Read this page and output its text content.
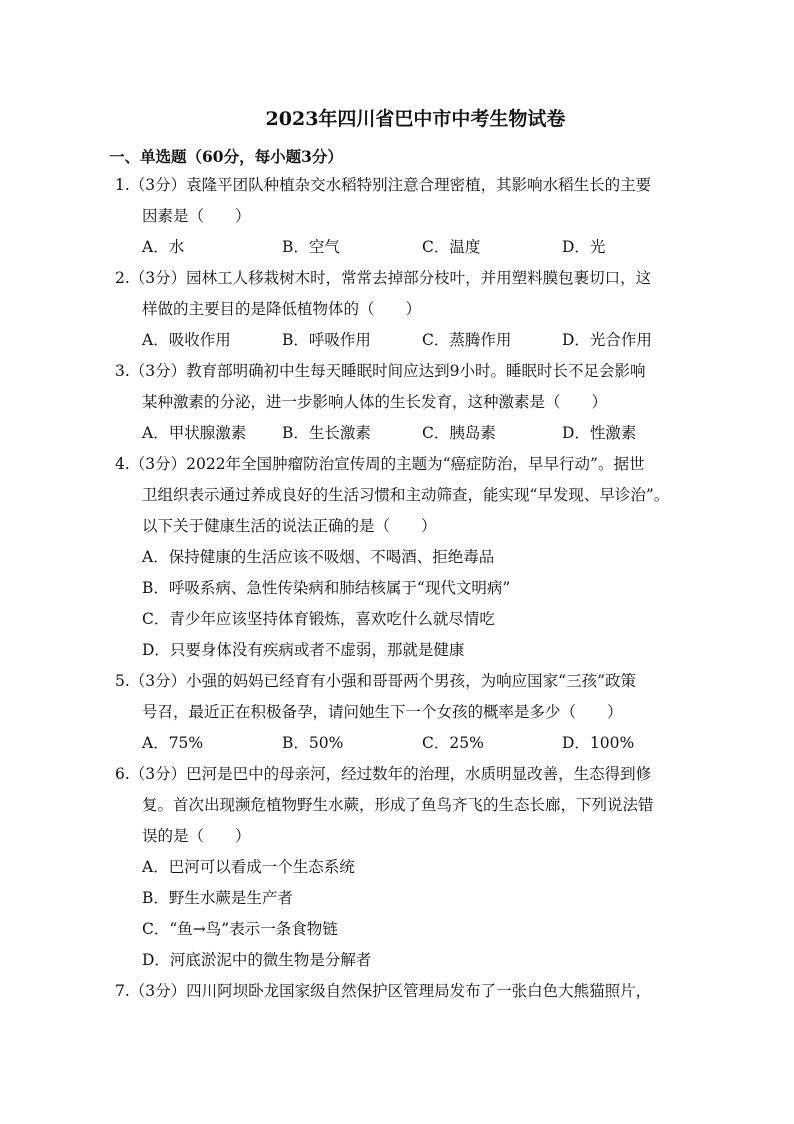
2023年四川省巴中市中考生物试卷
一、单选题（60分，每小题3分）
1.（3分）袁隆平团队种植杂交水稻特别注意合理密植，其影响水稻生长的主要
因素是（　　）
A．水	B．空气	C．温度	D．光
2.（3分）园林工人移栽树木时，常常去掉部分枝叶，并用塑料膜包裹切口，这
样做的主要目的是降低植物体的（　　）
A．吸收作用	B．呼吸作用	C．蒸腾作用	D．光合作用
3.（3分）教育部明确初中生每天睡眠时间应达到9小时。睡眠时长不足会影响
某种激素的分泌，进一步影响人体的生长发育，这种激素是（　　）
A．甲状腺激素	B．生长激素	C．胰岛素	D．性激素
4.（3分）2022年全国肿瘤防治宣传周的主题为“癌症防治，早早行动”。据世
卫组织表示通过养成良好的生活习惯和主动筛查，能实现“早发现、早诊治”。
以下关于健康生活的说法正确的是（　　）
A．保持健康的生活应该不吸烟、不喝酒、拒绝毒品
B．呼吸系病、急性传染病和肺结核属于“现代文明病”
C．青少年应该坚持体育锻炼，喜欢吃什么就尽情吃
D．只要身体没有疾病或者不虚弱，那就是健康
5.（3分）小强的妈妈已经育有小强和哥哥两个男孩，为响应国家“三孩”政策
号召，最近正在积极备孕，请问她生下一个女孩的概率是多少（　　）
A．75%	B．50%	C．25%	D．100%
6.（3分）巴河是巴中的母亲河，经过数年的治理，水质明显改善，生态得到修
复。首次出现濒危植物野生水蕨，形成了鱼鸟齐飞的生态长廊，下列说法错
误的是（　　）
A．巴河可以看成一个生态系统
B．野生水蕨是生产者
C．“鱼→鸟”表示一条食物链
D．河底淤泥中的微生物是分解者
7.（3分）四川阿坝卧龙国家级自然保护区管理局发布了一张白色大熊猫照片，
